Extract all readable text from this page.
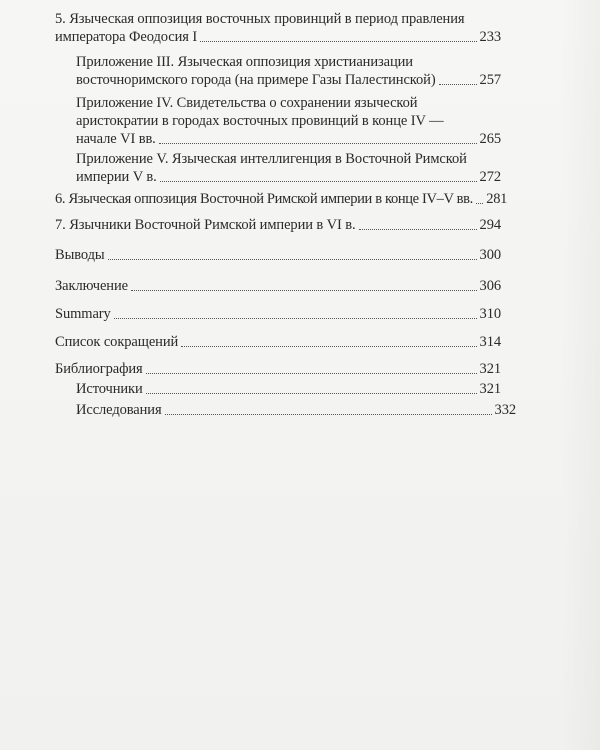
5. Языческая оппозиция восточных провинций в период правления
императора Феодосия I	233
Приложение III. Языческая оппозиция христианизации
восточноримского города (на примере Газы Палестинской)	257
Приложение IV. Свидетельства о сохранении языческой
аристократии в городах восточных провинций в конце IV —
начале VI вв.	265
Приложение V. Языческая интеллигенция в Восточной Римской
империи V в.	272
6. Языческая оппозиция Восточной Римской империи в конце IV–V вв. 281
7. Язычники Восточной Римской империи в VI в.	294
Выводы	300
Заключение	306
Summary	310
Список сокращений	314
Библиография	321
Источники	321
Исследования	332
